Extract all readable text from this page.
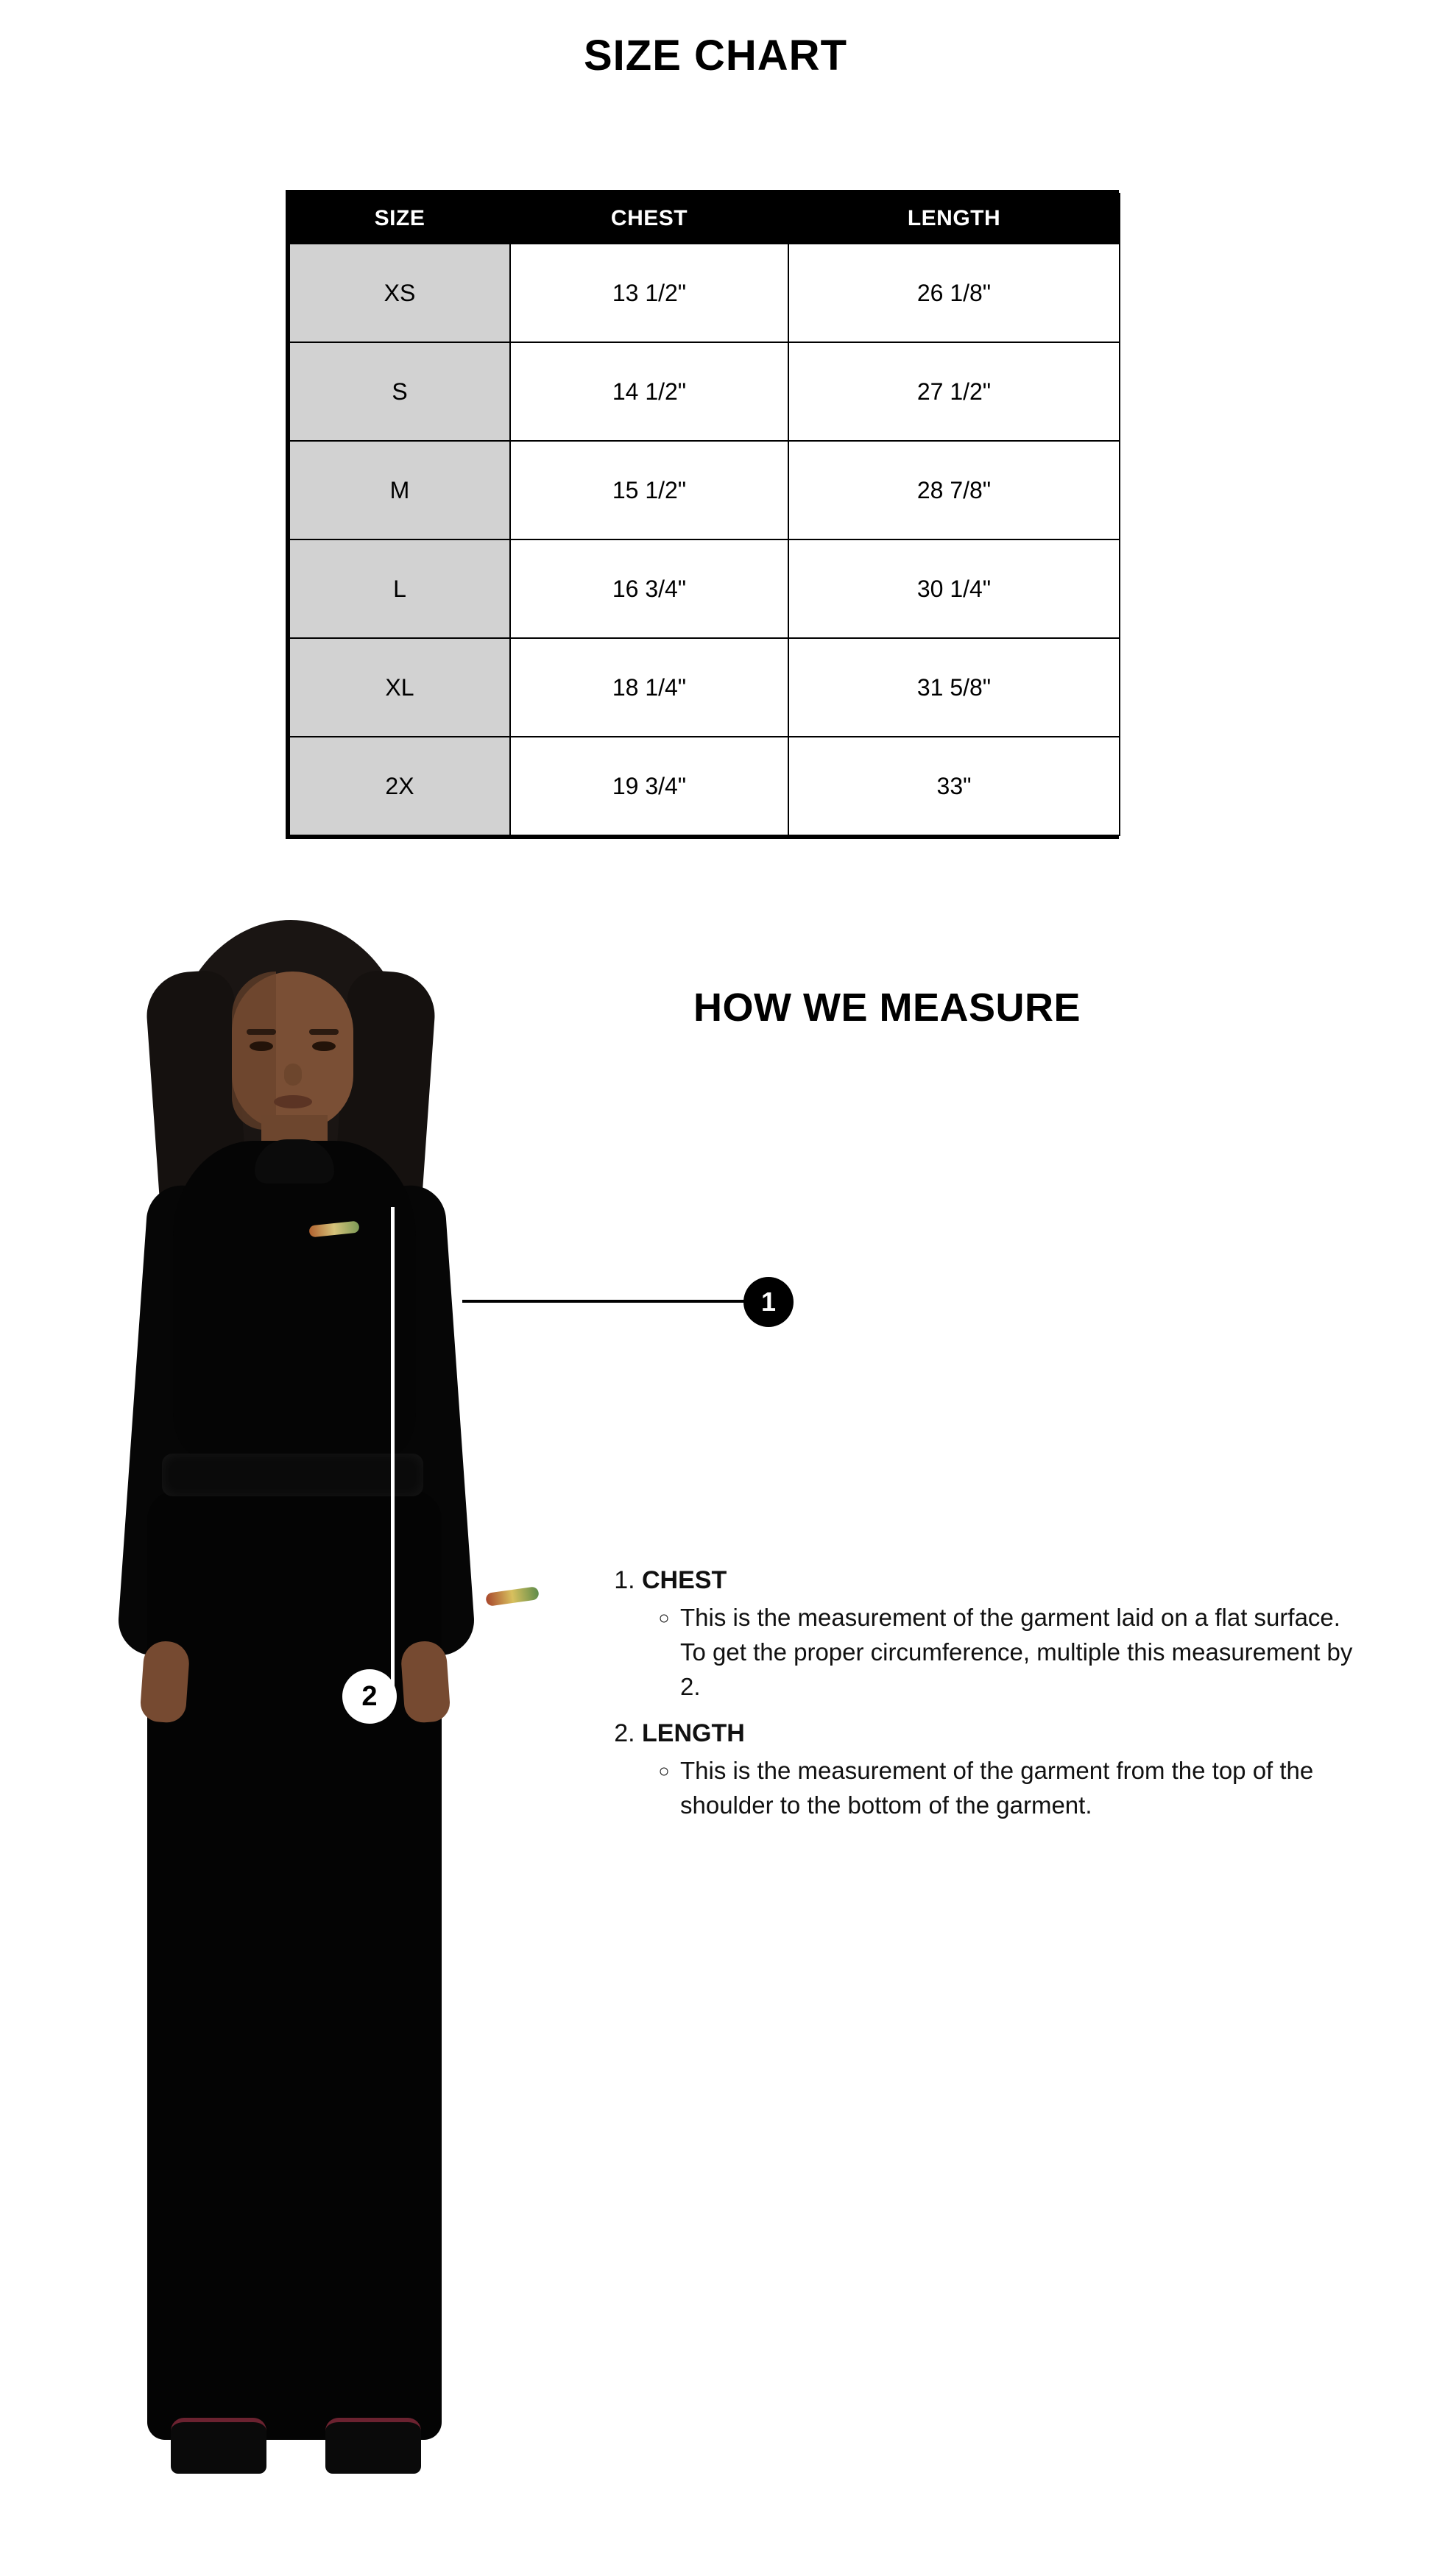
SIZE CHART
SIZE	CHEST	LENGTH
XS	13 1/2"	26 1/8"
S	14 1/2"	27 1/2"
M	15 1/2"	28 7/8"
L	16 3/4"	30 1/4"
XL	18 1/4"	31 5/8"
2X	19 3/4"	33"
HOW WE MEASURE
1
2
1. CHEST
◦ This is the measurement of the garment laid on a flat surface. To get the proper circumference, multiple this measurement by 2.
2. LENGTH
◦ This is the measurement of the garment from the top of the shoulder to the bottom of the garment.
